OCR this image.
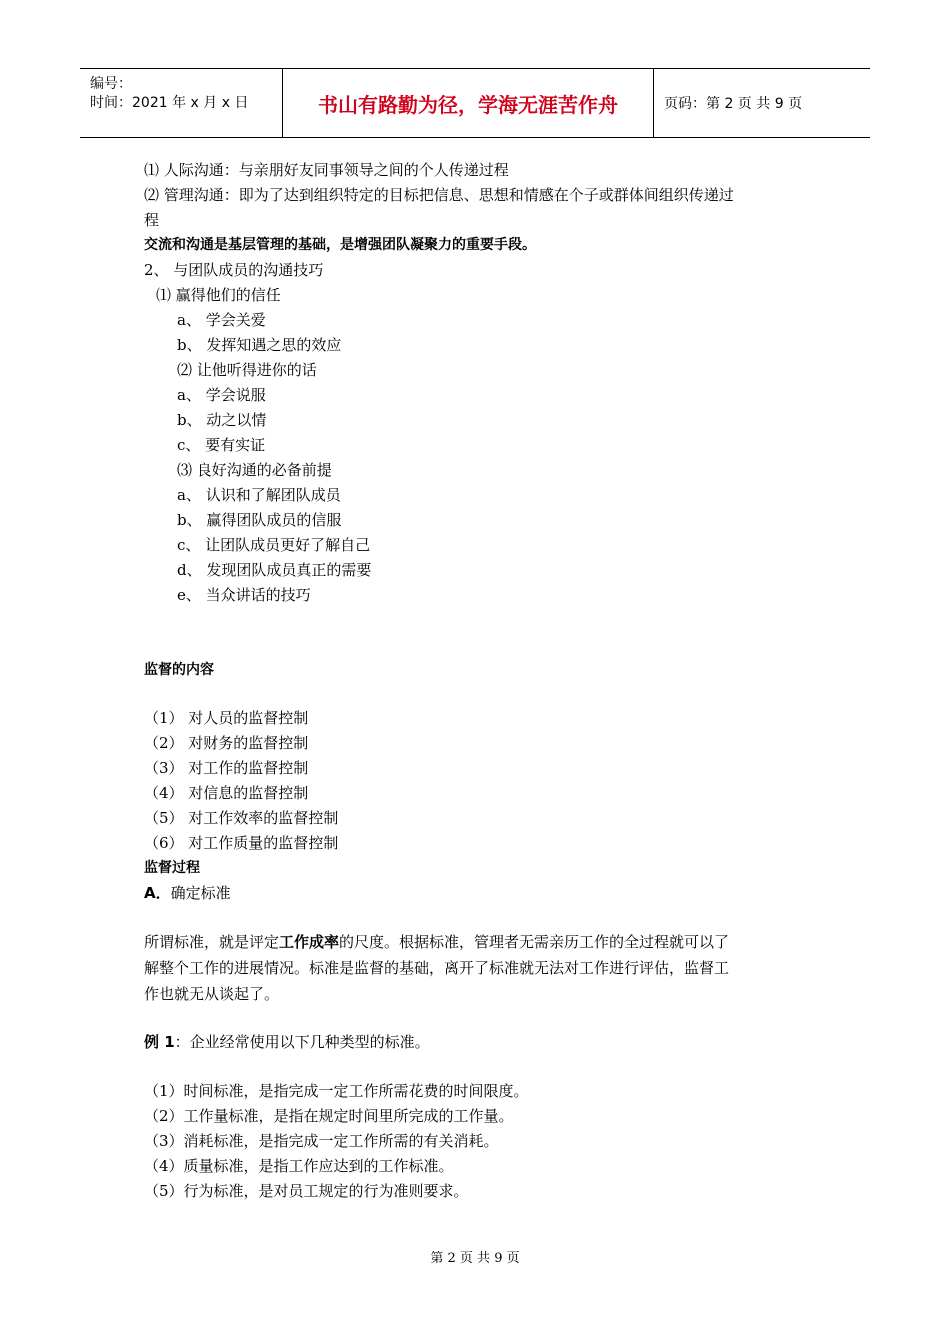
编号：
时间：2021 年 x 月 x 日	书山有路勤为径，学海无涯苦作舟	页码：第 2 页 共 9 页
⑴ 人际沟通：与亲朋好友同事领导之间的个人传递过程
⑵ 管理沟通：即为了达到组织特定的目标把信息、思想和情感在个子或群体间组织传递过
程
交流和沟通是基层管理的基础，是增强团队凝聚力的重要手段。
2、 与团队成员的沟通技巧
⑴ 赢得他们的信任
a、 学会关爱
b、 发挥知遇之思的效应
⑵ 让他听得进你的话
a、 学会说服
b、 动之以情
c、 要有实证
⑶ 良好沟通的必备前提
a、 认识和了解团队成员
b、 赢得团队成员的信服
c、 让团队成员更好了解自己
d、 发现团队成员真正的需要
e、 当众讲话的技巧
监督的内容
（1） 对人员的监督控制
（2） 对财务的监督控制
（3） 对工作的监督控制
（4） 对信息的监督控制
（5） 对工作效率的监督控制
（6） 对工作质量的监督控制
监督过程
A．确定标准
所谓标准，就是评定工作成率的尺度。根据标准，管理者无需亲历工作的全过程就可以了
解整个工作的进展情况。标准是监督的基础，离开了标准就无法对工作进行评估，监督工
作也就无从谈起了。
例 1：企业经常使用以下几种类型的标准。
（1）时间标准，是指完成一定工作所需花费的时间限度。
（2）工作量标准，是指在规定时间里所完成的工作量。
（3）消耗标准，是指完成一定工作所需的有关消耗。
（4）质量标准，是指工作应达到的工作标准。
（5）行为标准，是对员工规定的行为准则要求。
第 2 页 共 9 页
